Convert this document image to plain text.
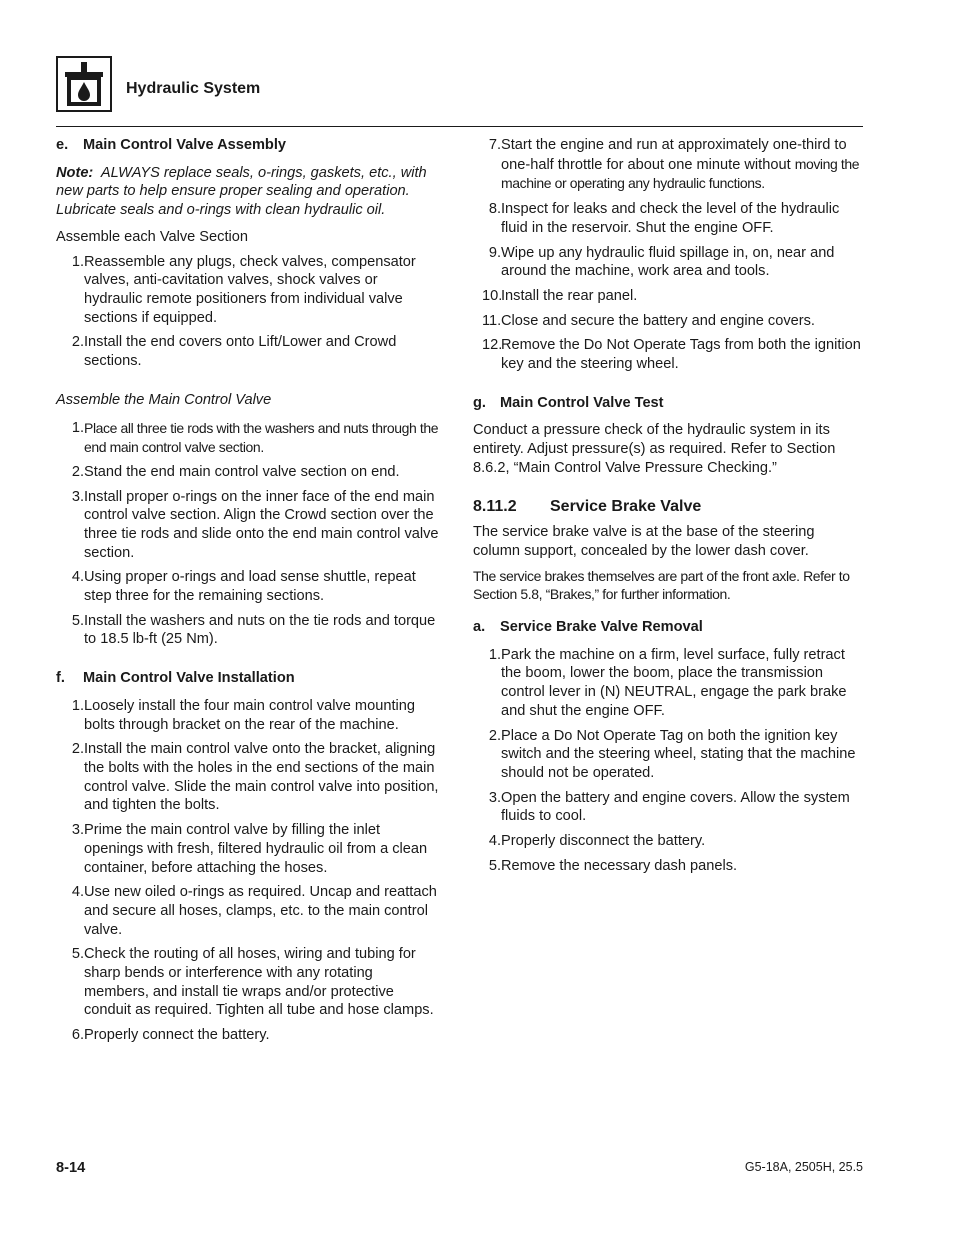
Hydraulic System
e.	Main Control Valve Assembly

Note: ALWAYS replace seals, o-rings, gaskets, etc., with new parts to help ensure proper sealing and operation. Lubricate seals and o-rings with clean hydraulic oil.

Assemble each Valve Section

1. Reassemble any plugs, check valves, compensator valves, anti-cavitation valves, shock valves or hydraulic remote positioners from individual valve sections if equipped.
2. Install the end covers onto Lift/Lower and Crowd sections.

Assemble the Main Control Valve

1. Place all three tie rods with the washers and nuts through the end main control valve section.
2. Stand the end main control valve section on end.
3. Install proper o-rings on the inner face of the end main control valve section. Align the Crowd section over the three tie rods and slide onto the end main control valve section.
4. Using proper o-rings and load sense shuttle, repeat step three for the remaining sections.
5. Install the washers and nuts on the tie rods and torque to 18.5 lb-ft (25 Nm).
f.	Main Control Valve Installation
1. Loosely install the four main control valve mounting bolts through bracket on the rear of the machine.
2. Install the main control valve onto the bracket, aligning the bolts with the holes in the end sections of the main control valve. Slide the main control valve into position, and tighten the bolts.
3. Prime the main control valve by filling the inlet openings with fresh, filtered hydraulic oil from a clean container, before attaching the hoses.
4. Use new oiled o-rings as required. Uncap and reattach and secure all hoses, clamps, etc. to the main control valve.
5. Check the routing of all hoses, wiring and tubing for sharp bends or interference with any rotating members, and install tie wraps and/or protective conduit as required. Tighten all tube and hose clamps.
6. Properly connect the battery.
7. Start the engine and run at approximately one-third to one-half throttle for about one minute without moving the machine or operating any hydraulic functions.
8. Inspect for leaks and check the level of the hydraulic fluid in the reservoir. Shut the engine OFF.
9. Wipe up any hydraulic fluid spillage in, on, near and around the machine, work area and tools.
10.
Install the rear panel.
11. Close and secure the battery and engine covers.
12.
Remove the Do Not Operate Tags from both the ignition key and the steering wheel.
g. Main Control Valve Test

Conduct a pressure check of the hydraulic system in its entirety. Adjust pressure(s) as required. Refer to Section 8.6.2, “Main Control Valve Pressure Checking.”

8.11.2	Service Brake Valve

The service brake valve is at the base of the steering column support, concealed by the lower dash cover.

The service brakes themselves are part of the front axle. Refer to Section 5.8, “Brakes,” for further information.

a.	Service Brake Valve Removal
1. Park the machine on a firm, level surface, fully retract the boom, lower the boom, place the transmission control lever in (N) NEUTRAL, engage the park brake and shut the engine OFF.
2. Place a Do Not Operate Tag on both the ignition key switch and the steering wheel, stating that the machine should not be operated.
3. Open the battery and engine covers. Allow the system fluids to cool.
4. Properly disconnect the battery.
5. Remove the necessary dash panels.
8-14	G5-18A, 2505H, 25.5
